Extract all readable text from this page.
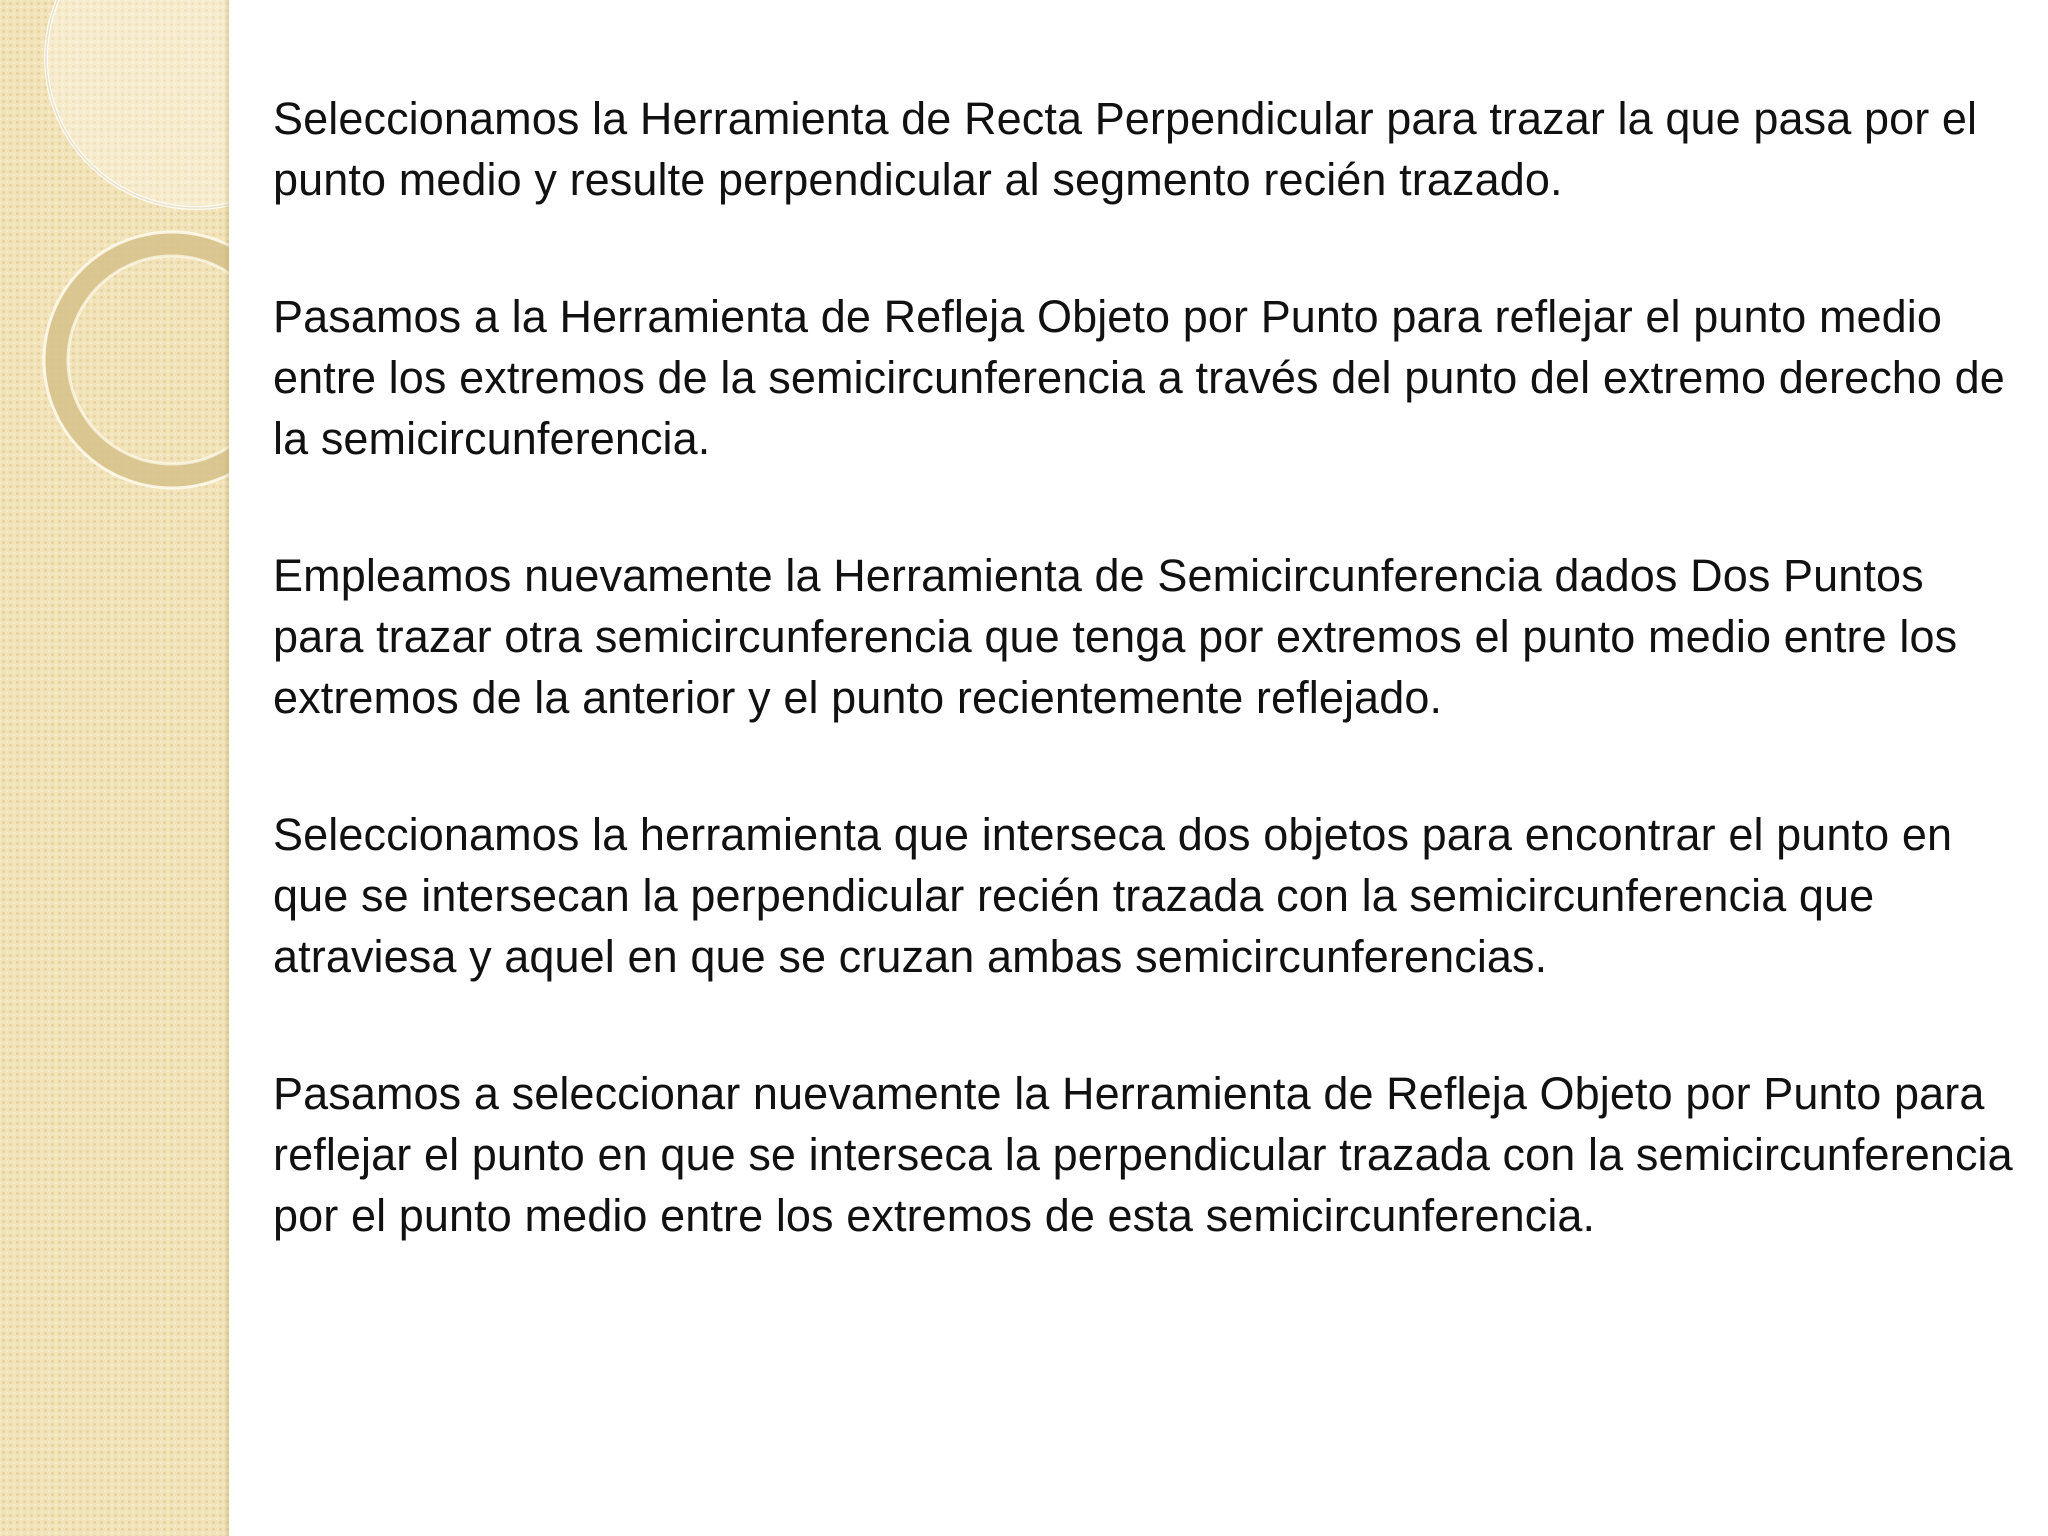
Seleccionamos la Herramienta de Recta Perpendicular para trazar la que pasa por el punto medio y resulte perpendicular al segmento recién trazado.

Pasamos a la Herramienta de Refleja Objeto por Punto para reflejar el punto medio entre los extremos de la semicircunferencia a través del punto del extremo derecho de la semicircunferencia.

Empleamos nuevamente la Herramienta de Semicircunferencia dados Dos Puntos para trazar otra semicircunferencia que tenga por extremos el punto medio entre los extremos de la anterior y el punto recientemente reflejado.

Seleccionamos la herramienta que interseca dos objetos para encontrar el punto en que se intersecan la perpendicular recién trazada con la semicircunferencia que atraviesa y aquel en que se cruzan ambas semicircunferencias.

Pasamos a seleccionar nuevamente la Herramienta de Refleja Objeto por Punto para reflejar el punto en que se interseca la perpendicular trazada con la semicircunferencia por el punto medio entre los extremos de esta semicircunferencia.
